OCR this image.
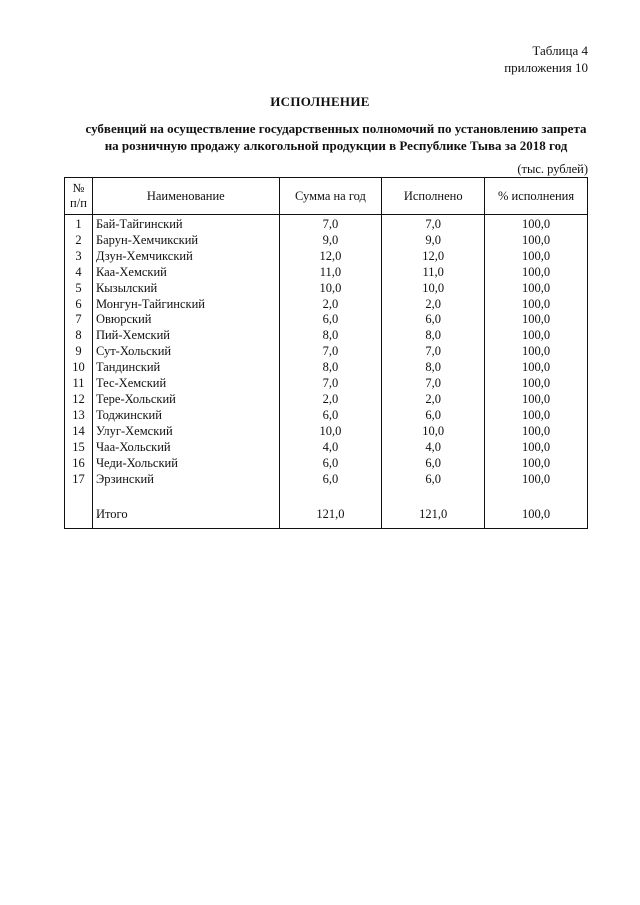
Таблица 4
приложения 10
ИСПОЛНЕНИЕ
субвенций на осуществление государственных полномочий по установлению запрета
на розничную продажу алкогольной продукции в Республике Тыва за 2018 год
(тыс. рублей)
№
п/п	Наименование	Сумма на год	Исполнено	% исполнения
1	Бай-Тайгинский	7,0	7,0	100,0
2	Барун-Хемчикский	9,0	9,0	100,0
3	Дзун-Хемчикский	12,0	12,0	100,0
4	Каа-Хемский	11,0	11,0	100,0
5	Кызылский	10,0	10,0	100,0
6	Монгун-Тайгинский	2,0	2,0	100,0
7	Овюрский	6,0	6,0	100,0
8	Пий-Хемский	8,0	8,0	100,0
9	Сут-Хольский	7,0	7,0	100,0
10	Тандинский	8,0	8,0	100,0
11	Тес-Хемский	7,0	7,0	100,0
12	Тере-Хольский	2,0	2,0	100,0
13	Тоджинский	6,0	6,0	100,0
14	Улуг-Хемский	10,0	10,0	100,0
15	Чаа-Хольский	4,0	4,0	100,0
16	Чеди-Хольский	6,0	6,0	100,0
17	Эрзинский	6,0	6,0	100,0

	Итого	121,0	121,0	100,0
